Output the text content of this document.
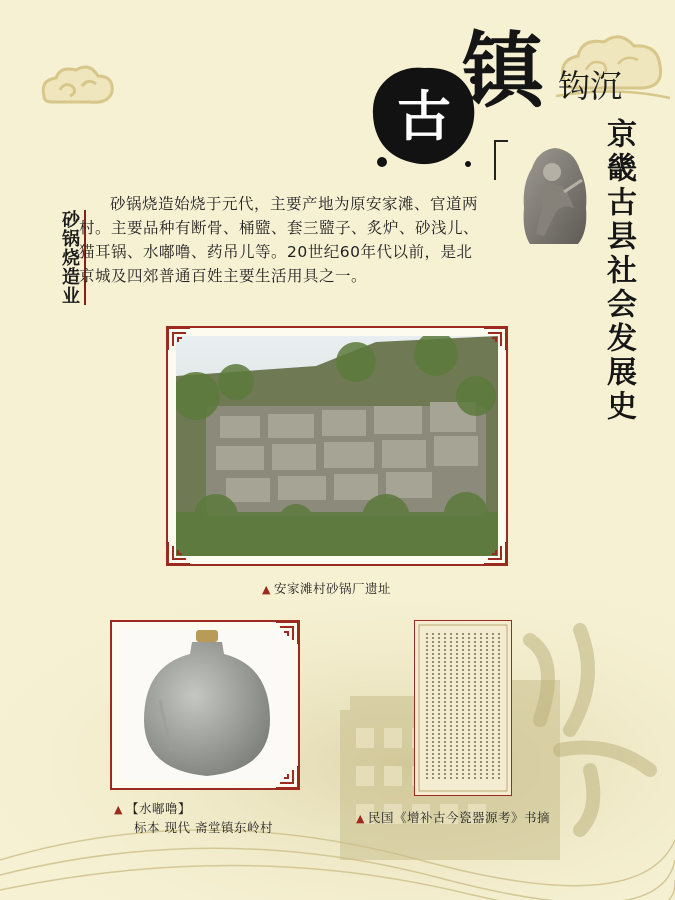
古 镇 钩沉
京畿古县社会发展史
砂锅烧造业
砂锅烧造始烧于元代，主要产地为原安家滩、官道两村。主要品种有断骨、桶盬、套三盬子、炙炉、砂浅儿、猫耳锅、水嘟噜、药吊儿等。20世纪60年代以前，是北京城及四郊普通百姓主要生活用具之一。
▲ 安家滩村砂锅厂遗址
▲ 【水嘟噜】
标本 现代 斋堂镇东岭村
▲ 民国《增补古今瓷器源考》书摘
